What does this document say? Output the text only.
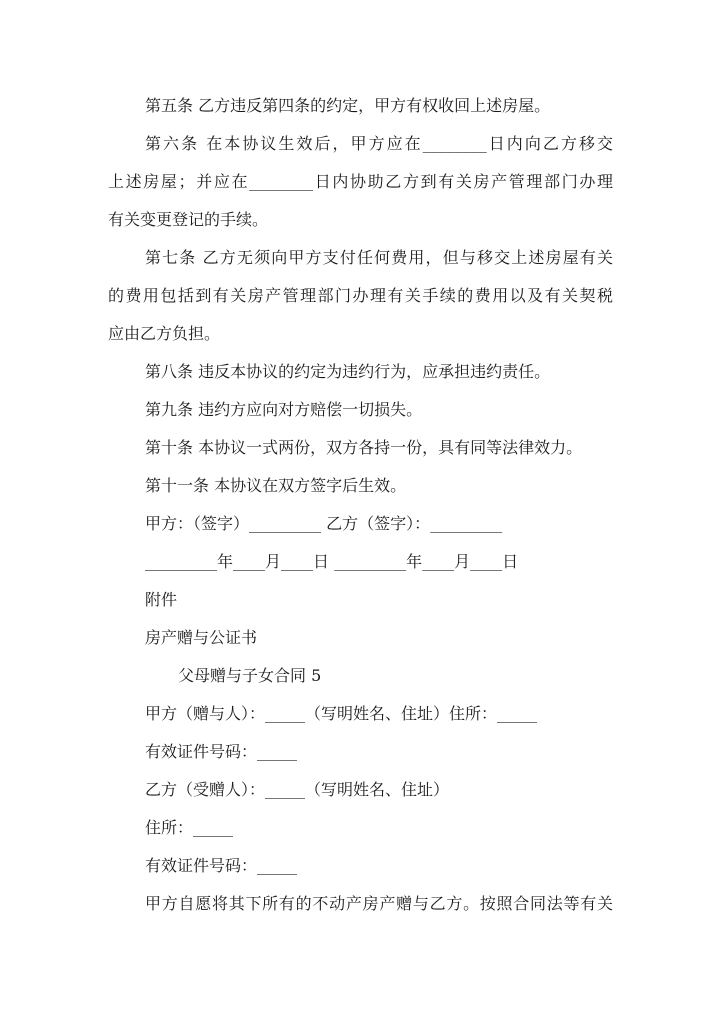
第五条 乙方违反第四条的约定，甲方有权收回上述房屋。
第六条 在本协议生效后，甲方应在________日内向乙方移交
上述房屋；并应在________日内协助乙方到有关房产管理部门办理
有关变更登记的手续。
第七条 乙方无须向甲方支付任何费用，但与移交上述房屋有关
的费用包括到有关房产管理部门办理有关手续的费用以及有关契税
应由乙方负担。
第八条 违反本协议的约定为违约行为，应承担违约责任。
第九条 违约方应向对方赔偿一切损失。
第十条 本协议一式两份，双方各持一份，具有同等法律效力。
第十一条 本协议在双方签字后生效。
甲方：（签字）_________ 乙方（签字）：_________
_________年____月____日 _________年____月____日
附件
房产赠与公证书
父母赠与子女合同 5
甲方（赠与人）：_____（写明姓名、住址）住所：_____
有效证件号码：_____
乙方（受赠人）：_____（写明姓名、住址）
住所：_____
有效证件号码：_____
甲方自愿将其下所有的不动产房产赠与乙方。按照合同法等有关
